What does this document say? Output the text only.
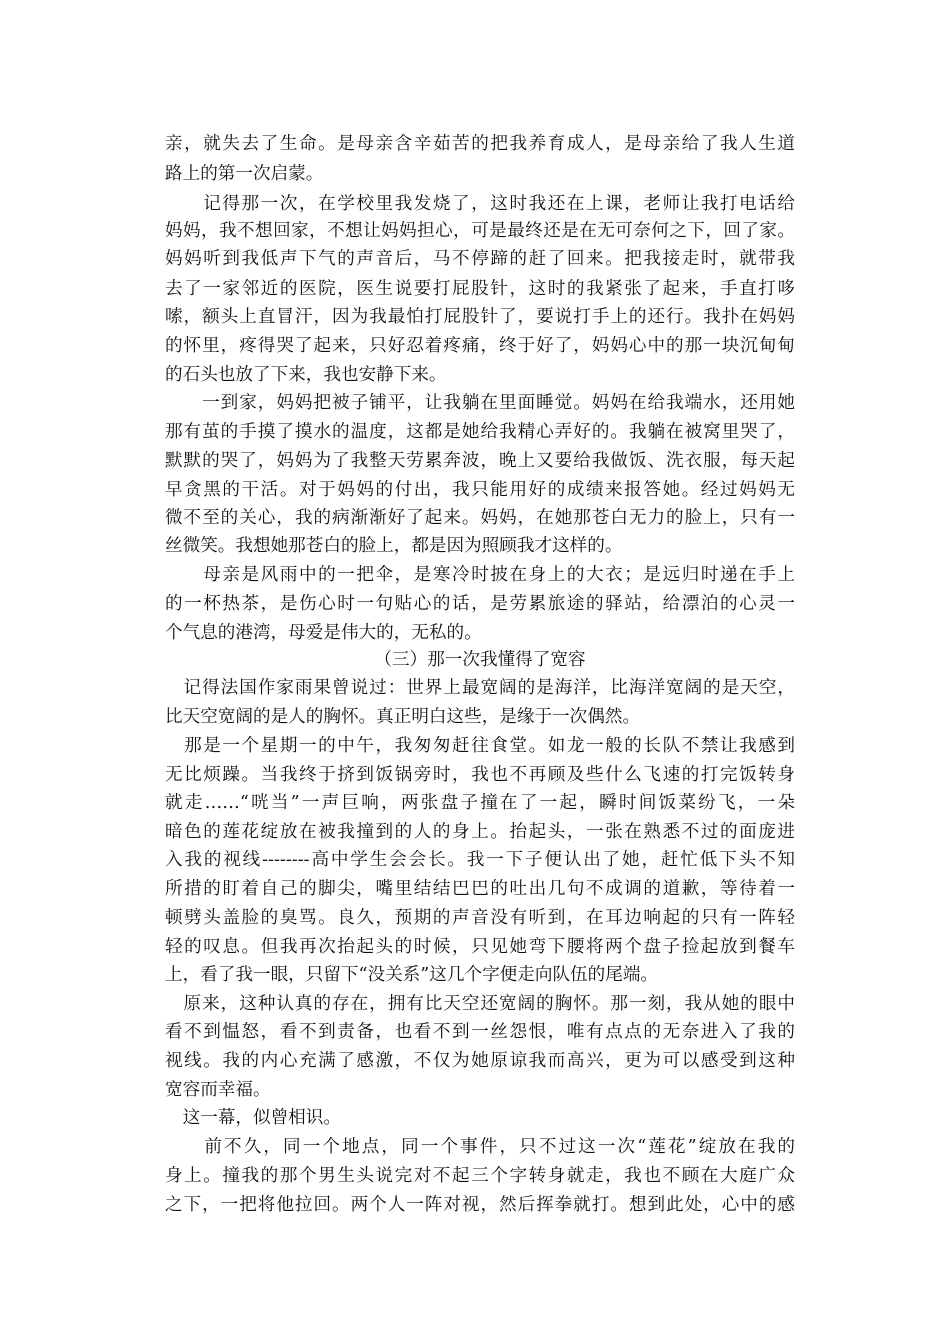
亲，就失去了生命。是母亲含辛茹苦的把我养育成人，是母亲给了我人生道
路上的第一次启蒙。
　　记得那一次，在学校里我发烧了，这时我还在上课，老师让我打电话给
妈妈，我不想回家，不想让妈妈担心，可是最终还是在无可奈何之下，回了家。
妈妈听到我低声下气的声音后，马不停蹄的赶了回来。把我接走时，就带我
去了一家邻近的医院，医生说要打屁股针，这时的我紧张了起来，手直打哆
嗦，额头上直冒汗，因为我最怕打屁股针了，要说打手上的还行。我扑在妈妈
的怀里，疼得哭了起来，只好忍着疼痛，终于好了，妈妈心中的那一块沉甸甸
的石头也放了下来，我也安静下来。
　　一到家，妈妈把被子铺平，让我躺在里面睡觉。妈妈在给我端水，还用她
那有茧的手摸了摸水的温度，这都是她给我精心弄好的。我躺在被窝里哭了，
默默的哭了，妈妈为了我整天劳累奔波，晚上又要给我做饭、洗衣服，每天起
早贪黑的干活。对于妈妈的付出，我只能用好的成绩来报答她。经过妈妈无
微不至的关心，我的病渐渐好了起来。妈妈，在她那苍白无力的脸上，只有一
丝微笑。我想她那苍白的脸上，都是因为照顾我才这样的。
　　母亲是风雨中的一把伞，是寒冷时披在身上的大衣；是远归时递在手上
的一杯热茶，是伤心时一句贴心的话，是劳累旅途的驿站，给漂泊的心灵一
个气息的港湾，母爱是伟大的，无私的。
（三）那一次我懂得了宽容
　记得法国作家雨果曾说过：世界上最宽阔的是海洋，比海洋宽阔的是天空，
比天空宽阔的是人的胸怀。真正明白这些，是缘于一次偶然。
　那是一个星期一的中午，我匆匆赶往食堂。如龙一般的长队不禁让我感到
无比烦躁。当我终于挤到饭锅旁时，我也不再顾及些什么飞速的打完饭转身
就走……“咣当”一声巨响，两张盘子撞在了一起，瞬时间饭菜纷飞，一朵
暗色的莲花绽放在被我撞到的人的身上。抬起头，一张在熟悉不过的面庞进
入我的视线--------高中学生会会长。我一下子便认出了她，赶忙低下头不知
所措的盯着自己的脚尖，嘴里结结巴巴的吐出几句不成调的道歉，等待着一
顿劈头盖脸的臭骂。良久，预期的声音没有听到，在耳边响起的只有一阵轻
轻的叹息。但我再次抬起头的时候，只见她弯下腰将两个盘子捡起放到餐车
上，看了我一眼，只留下“没关系”这几个字便走向队伍的尾端。
　原来，这种认真的存在，拥有比天空还宽阔的胸怀。那一刻，我从她的眼中
看不到愠怒，看不到责备，也看不到一丝怨恨，唯有点点的无奈进入了我的
视线。我的内心充满了感激，不仅为她原谅我而高兴，更为可以感受到这种
宽容而幸福。
　这一幕，似曾相识。
　　前不久，同一个地点，同一个事件，只不过这一次“莲花”绽放在我的
身上。撞我的那个男生头说完对不起三个字转身就走，我也不顾在大庭广众
之下，一把将他拉回。两个人一阵对视，然后挥拳就打。想到此处，心中的感
